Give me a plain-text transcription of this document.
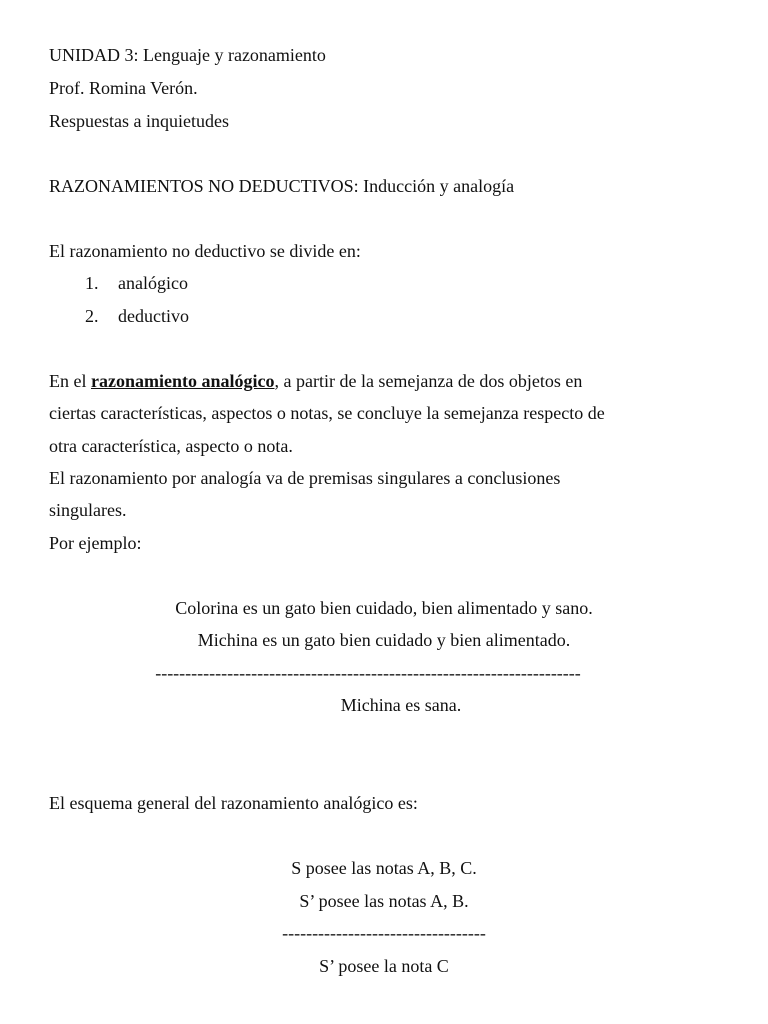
UNIDAD 3: Lenguaje y razonamiento
Prof. Romina Verón.
Respuestas a inquietudes
RAZONAMIENTOS NO DEDUCTIVOS: Inducción y analogía
El razonamiento no deductivo se divide en:
1. analógico
2. deductivo
En el razonamiento analógico, a partir de la semejanza de dos objetos en
ciertas características, aspectos o notas, se concluye la semejanza respecto de
otra característica, aspecto o nota.
El razonamiento por analogía va de premisas singulares a conclusiones
singulares.
Por ejemplo:
Colorina es un gato bien cuidado, bien alimentado y sano.
Michina es un gato bien cuidado y bien alimentado.
-----------------------------------------------------------------------
Michina es sana.
El esquema general del razonamiento analógico es:
S posee las notas A, B, C.
S’ posee las notas A, B.
----------------------------------
S’ posee la nota C
